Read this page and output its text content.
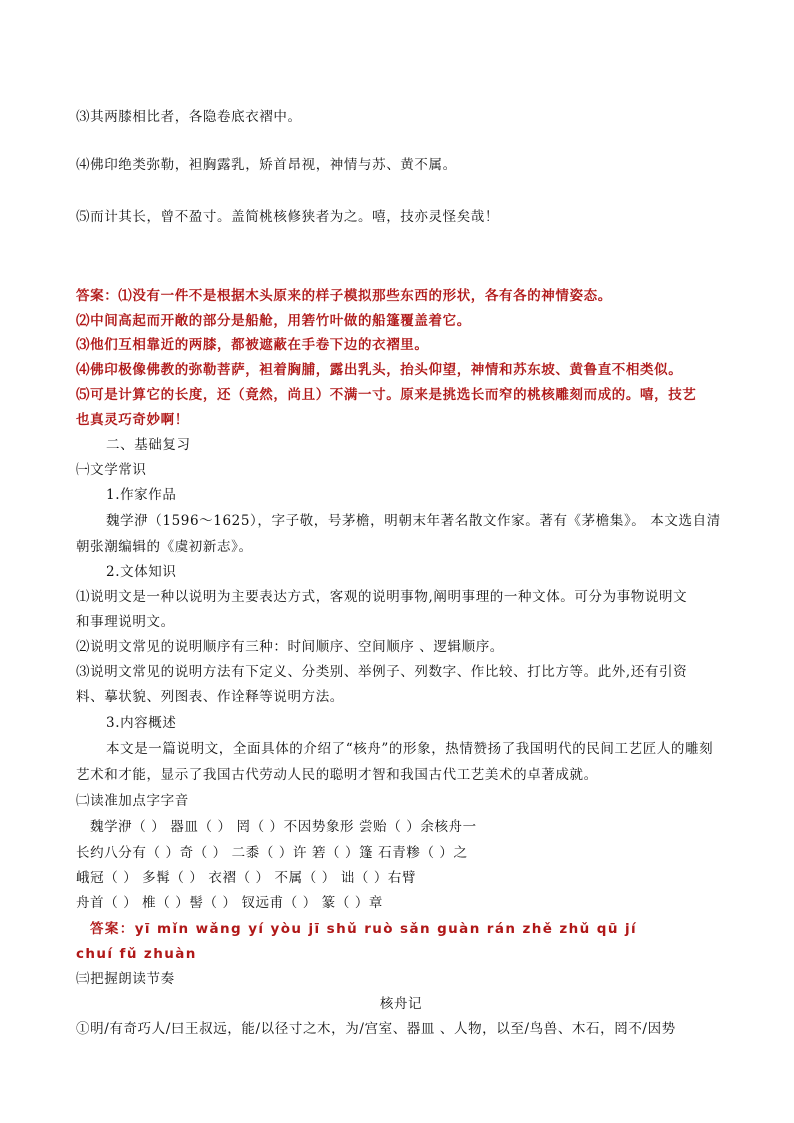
⑶其两膝相比者，各隐卷底衣褶中。
⑷佛印绝类弥勒，袒胸露乳，矫首昂视，神情与苏、黄不属。
⑸而计其长，曾不盈寸。盖简桃核修狭者为之。嘻，技亦灵怪矣哉！
答案：⑴没有一件不是根据木头原来的样子模拟那些东西的形状，各有各的神情姿态。
⑵中间高起而开敞的部分是船舱，用箬竹叶做的船篷覆盖着它。
⑶他们互相靠近的两膝，都被遮蔽在手卷下边的衣褶里。
⑷佛印极像佛教的弥勒菩萨，袒着胸脯，露出乳头，抬头仰望，神情和苏东坡、黄鲁直不相类似。
⑸可是计算它的长度，还（竟然，尚且）不满一寸。原来是挑选长而窄的桃核雕刻而成的。嘻，技艺
也真灵巧奇妙啊！
二、基础复习
㈠文学常识
1.作家作品
魏学洢（1596～1625），字子敬，号茅檐，明朝末年著名散文作家。著有《茅檐集》。 本文选自清
朝张潮编辑的《虞初新志》。
2.文体知识
⑴说明文是一种以说明为主要表达方式，客观的说明事物,阐明事理的一种文体。可分为事物说明文
和事理说明文。
⑵说明文常见的说明顺序有三种：时间顺序、空间顺序 、逻辑顺序。
⑶说明文常见的说明方法有下定义、分类别、举例子、列数字、作比较、打比方等。此外,还有引资
料、摹状貌、列图表、作诠释等说明方法。
3.内容概述
本文是一篇说明文，全面具体的介绍了“核舟”的形象，热情赞扬了我国明代的民间工艺匠人的雕刻
艺术和才能，显示了我国古代劳动人民的聪明才智和我国古代工艺美术的卓著成就。
㈡读准加点字字音
魏学洢（ ） 器皿（ ） 罔（ ）不因势象形 尝贻（ ）余核舟一
长约八分有（ ）奇（ ） 二黍（ ）许 箬（ ）篷 石青糁（ ）之
峨冠（ ） 多髯（ ） 衣褶（ ） 不属（ ） 诎（ ）右臂
舟首（ ） 椎（ ）髻（ ） 钗远甫（ ） 篆（ ）章
答案：yī mǐn wǎng yí yòu jī shǔ ruò sǎn guàn rán zhě zhǔ qū jí
chuí fǔ zhuàn
㈢把握朗读节奏
核舟记
①明/有奇巧人/曰王叔远，能/以径寸之木，为/宫室、器皿 、人物，以至/鸟兽、木石，罔不/因势
